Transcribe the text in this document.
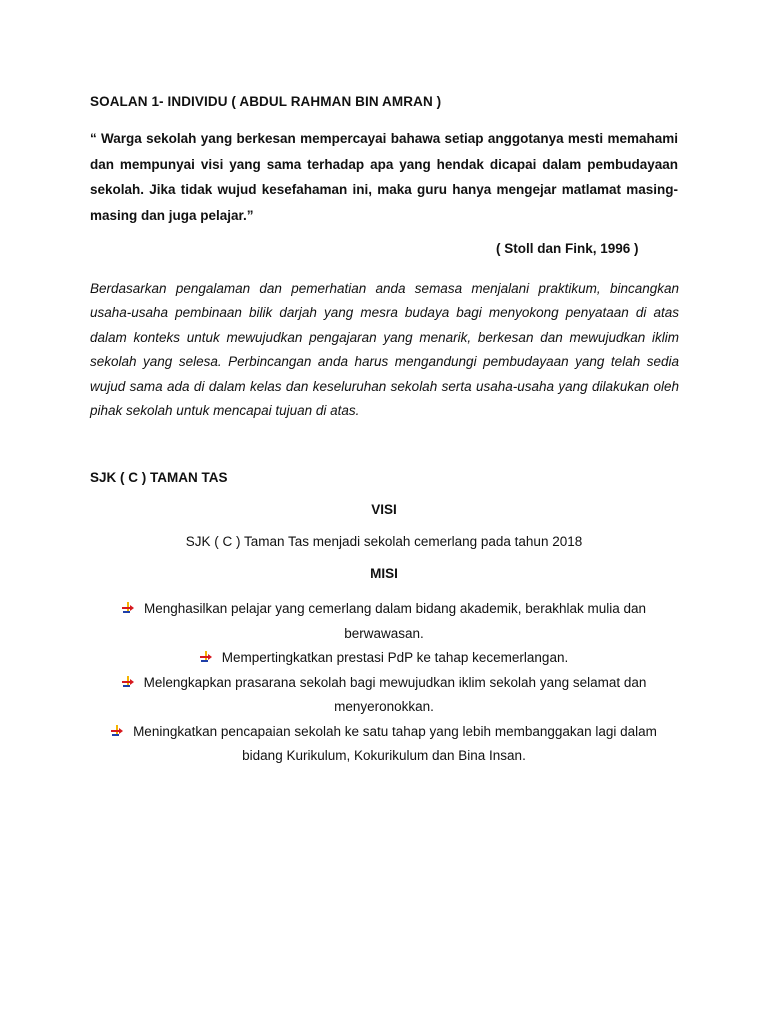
SOALAN 1- INDIVIDU ( ABDUL RAHMAN BIN AMRAN )

“ Warga sekolah yang berkesan mempercayai bahawa setiap anggotanya mesti memahami dan mempunyai visi yang sama terhadap apa yang hendak dicapai dalam pembudayaan sekolah. Jika tidak wujud kesefahaman ini, maka guru hanya mengejar matlamat masing-masing dan juga pelajar.”

( Stoll dan Fink, 1996 )

Berdasarkan pengalaman dan pemerhatian anda semasa menjalani praktikum, bincangkan usaha-usaha pembinaan bilik darjah yang mesra budaya bagi menyokong penyataan di atas dalam konteks untuk mewujudkan pengajaran yang menarik, berkesan dan mewujudkan iklim sekolah yang selesa. Perbincangan anda harus mengandungi pembudayaan yang telah sedia wujud sama ada di dalam kelas dan keseluruhan sekolah serta usaha-usaha yang dilakukan oleh pihak sekolah untuk mencapai tujuan di atas.

SJK ( C ) TAMAN TAS
VISI
SJK ( C ) Taman Tas menjadi sekolah cemerlang pada tahun 2018
MISI
Menghasilkan pelajar yang cemerlang dalam bidang akademik, berakhlak mulia dan
berwawasan.
Mempertingkatkan prestasi PdP ke tahap kecemerlangan.
Melengkapkan prasarana sekolah bagi mewujudkan iklim sekolah yang selamat dan
menyeronokkan.
Meningkatkan pencapaian sekolah ke satu tahap yang lebih membanggakan lagi dalam
bidang Kurikulum, Kokurikulum dan Bina Insan.
